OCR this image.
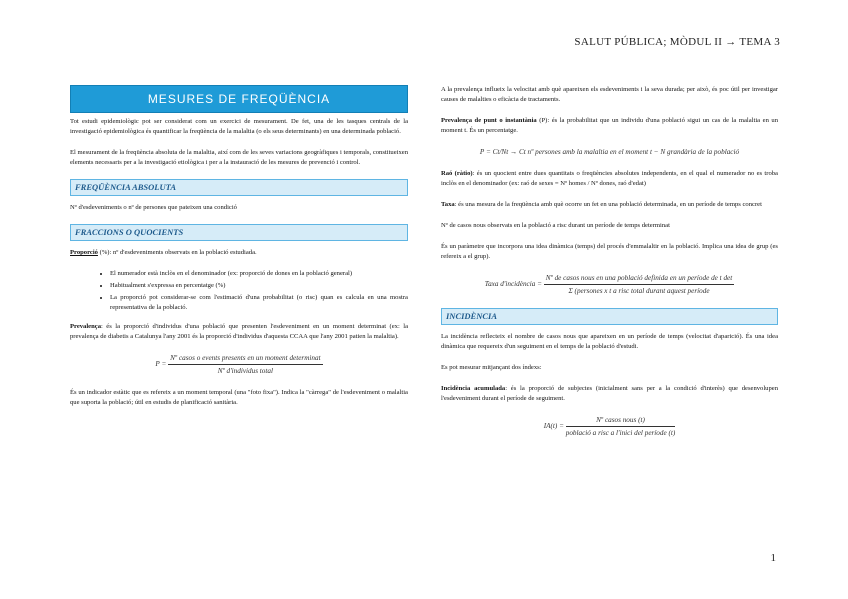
SALUT PÚBLICA; MÒDUL II → TEMA 3
MESURES DE FREQÜÈNCIA

Tot estudi epidemiològic pot ser considerat com un exercici de mesurament. De fet, una de les tasques centrals de la investigació epidemiològica és quantificar la freqüència de la malaltia (o els seus determinants) en una determinada població.

El mesurament de la freqüència absoluta de la malaltia, així com de les seves variacions geogràfiques i temporals, constitueixen elements necessaris per a la investigació etiològica i per a la instauració de les mesures de prevenció i control.

FREQÜÈNCIA ABSOLUTA

Nº d'esdeveniments o nº de persones que pateixen una condició

FRACCIONS O QUOCIENTS

Proporció (%): nº d'esdeveniments observats en la població estudiada.

• El numerador està inclòs en el denominador (ex: proporció de dones en la població general)
• Habitualment s'expressa en percentatge (%)
• La proporció pot considerar-se com l'estimació d'una probabilitat (o risc) quan es calcula en una mostra representativa de la població.

Prevalença: és la proporció d'individus d'una població que presenten l'esdeveniment en un moment determinat (ex: la prevalença de diabetis a Catalunya l'any 2001 és la proporció d'individus d'aquesta CCAA que l'any 2001 patien la malaltia).

$P = \frac{\text{Nº casos o events presents en un moment determinat}}{\text{Nº d'individus total}}$

És un indicador estàtic que es refereix a un moment temporal (una "foto fixa"). Indica la "càrrega" de l'esdeveniment o malaltia que suporta la població; útil en estudis de planificació sanitària.

A la prevalença influeix la velocitat amb què apareixen els esdeveniments i la seva durada; per això, és poc útil per investigar causes de malalties o eficàcia de tractaments.

Prevalença de punt o instantània (P): és la probabilitat que un individu d'una població sigui un cas de la malaltia en un moment t. És un percentatge.

P = Ct/Nt → Ct nº persones amb la malaltia en el moment t − N grandària de la població

Raó (ràtio): és un quocient entre dues quantitats o freqüències absolutes independents, en el qual el numerador no es troba inclòs en el denominador (ex: raó de sexes = Nº homes / Nº dones, raó d'edat)

Taxa: és una mesura de la freqüència amb què ocorre un fet en una població determinada, en un període de temps concret

Nº de casos nous observats en la població a risc durant un període de temps determinat

És un paràmetre que incorpora una idea dinàmica (temps) del procés d'emmalaltir en la població. Implica una idea de grup (es refereix a el grup).

Taxa d'incidència =
Nº de casos nous en una població definida en un període de t det
Σ (persones x t a risc total durant aquest període
INCIDÈNCIA

La incidència reflecteix el nombre de casos nous que apareixen en un període de temps (velocitat d'aparició). És una idea dinàmica que requereix d'un seguiment en el temps de la població d'estudi.

Es pot mesurar mitjançant dos índexs:

Incidència acumulada: és la proporció de subjectes (inicialment sans per a la condició d'interès) que desenvolupen l'esdeveniment durant el període de seguiment.

$IA(t) = \frac{\text{Nº casos nous (t)}}{\text{població a risc a l'inici del període (t)}}$
1
